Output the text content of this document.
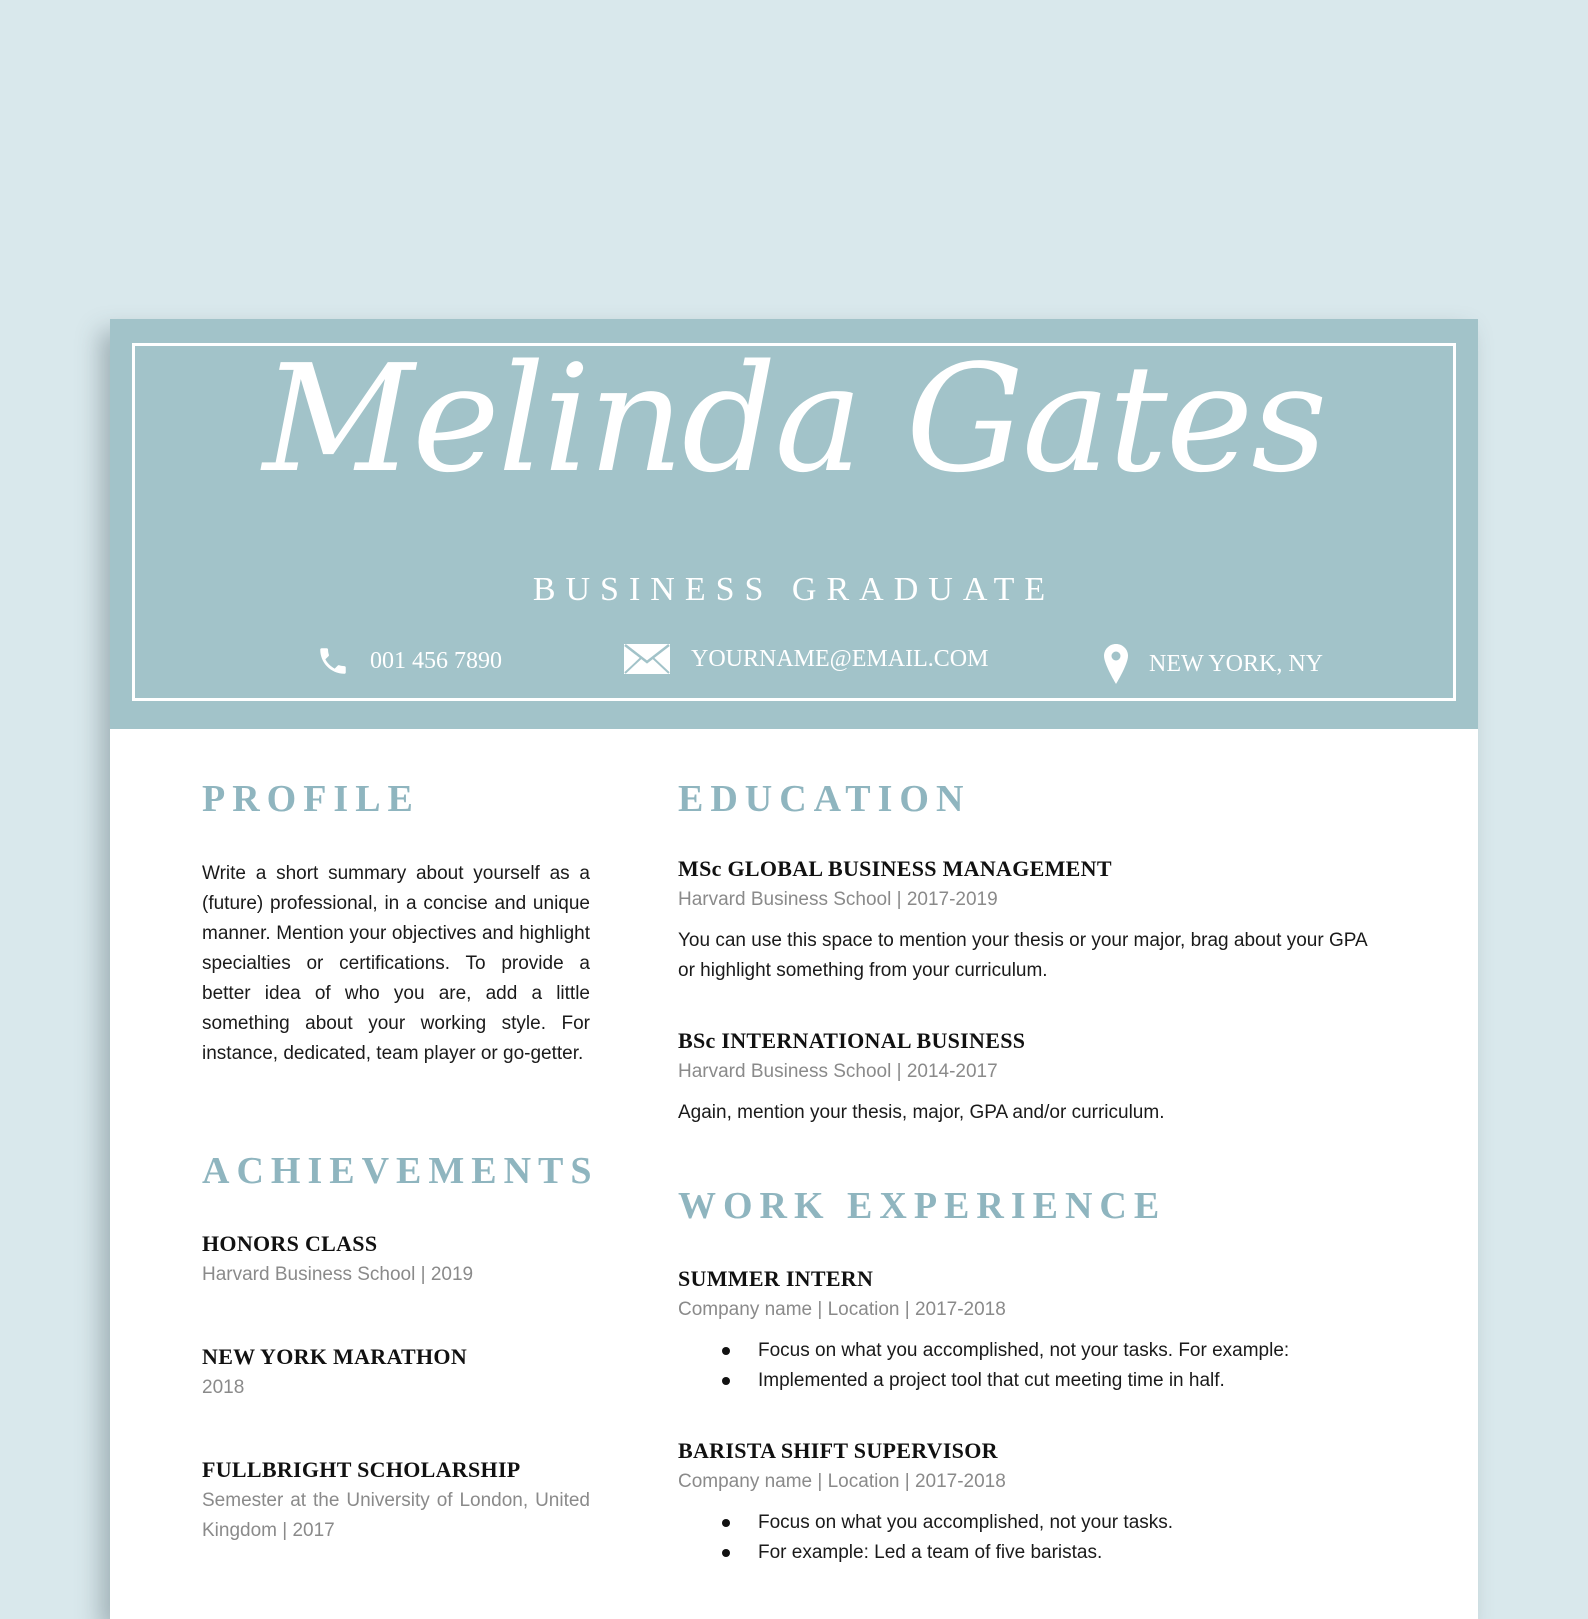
Melinda Gates
BUSINESS GRADUATE
001 456 7890	YOURNAME@EMAIL.COM	NEW YORK, NY
PROFILE

Write a short summary about yourself as a (future) professional, in a concise and unique manner. Mention your objectives and highlight specialties or certifications. To provide a better idea of who you are, add a little something about your working style. For instance, dedicated, team player or go-getter.

ACHIEVEMENTS
HONORS CLASS
Harvard Business School | 2019
NEW YORK MARATHON
2018
FULLBRIGHT SCHOLARSHIP
Semester at the University of London, United Kingdom | 2017
EDUCATION
MSc GLOBAL BUSINESS MANAGEMENT
Harvard Business School | 2017-2019

You can use this space to mention your thesis or your major, brag about your GPA or highlight something from your curriculum.

BSc INTERNATIONAL BUSINESS
Harvard Business School | 2014-2017

Again, mention your thesis, major, GPA and/or curriculum.

WORK EXPERIENCE
SUMMER INTERN
Company name | Location | 2017-2018
Focus on what you accomplished, not your tasks. For example:
Implemented a project tool that cut meeting time in half.
BARISTA SHIFT SUPERVISOR
Company name | Location | 2017-2018
Focus on what you accomplished, not your tasks.
For example: Led a team of five baristas.
